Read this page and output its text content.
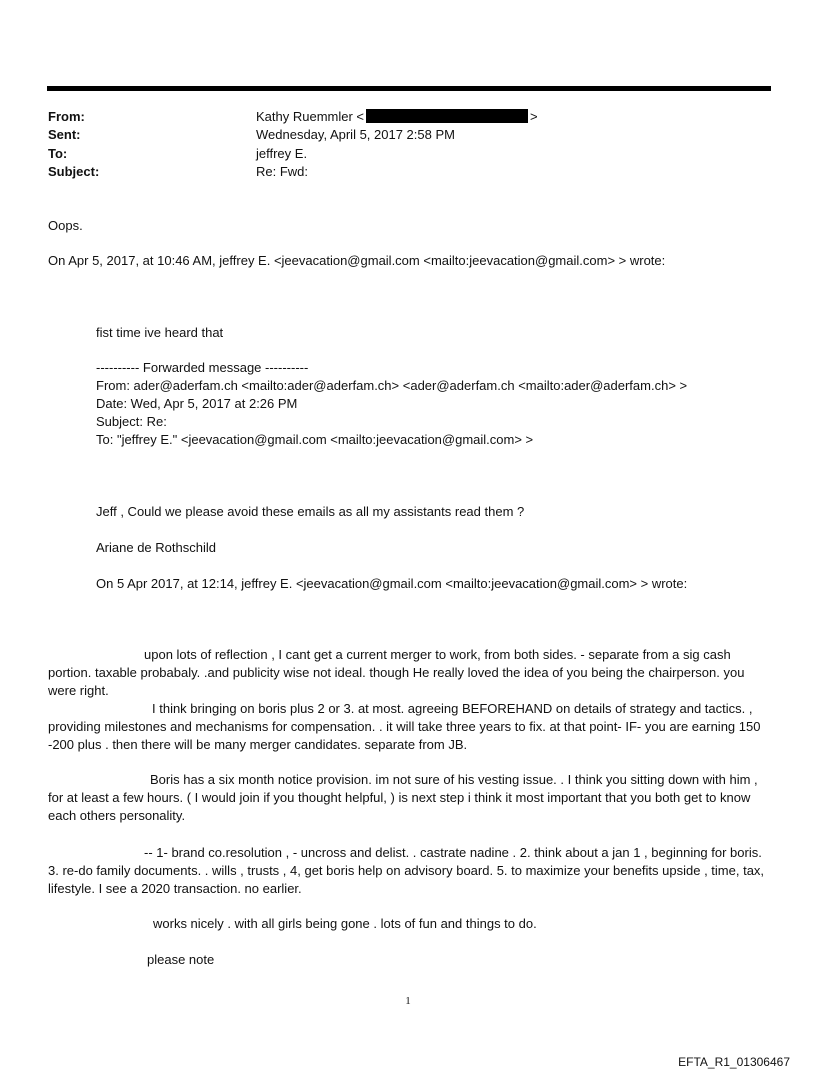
From:	Kathy Ruemmler <	>
Sent:	Wednesday, April 5, 2017 2:58 PM
To:	jeffrey E.
Subject:	Re: Fwd:
Oops.
On Apr 5, 2017, at 10:46 AM, jeffrey E. <jeevacation@gmail.com <mailto:jeevacation@gmail.com> > wrote:
fist time ive heard that
---------- Forwarded message ----------
From: ader@aderfam.ch <mailto:ader@aderfam.ch> <ader@aderfam.ch <mailto:ader@aderfam.ch> >
Date: Wed, Apr 5, 2017 at 2:26 PM
Subject: Re:
To: "jeffrey E." <jeevacation@gmail.com <mailto:jeevacation@gmail.com> >
Jeff , Could we please avoid these emails as all my assistants read them ?
Ariane de Rothschild
On 5 Apr 2017, at 12:14, jeffrey E. <jeevacation@gmail.com <mailto:jeevacation@gmail.com> > wrote:
upon lots of reflection , I cant get a current merger to work, from both sides. - separate from a sig cash portion. taxable probabaly. .and publicity wise not ideal. though He really loved the idea of you being the chairperson. you were right.
I think bringing on boris plus 2 or 3. at most. agreeing BEFOREHAND on details of strategy and tactics. , providing milestones and mechanisms for compensation. . it will take three years to fix. at that point- IF- you are earning 150 -200 plus . then there will be many merger candidates. separate from JB.
Boris has a six month notice provision. im not sure of his vesting issue. . I think you sitting down with him , for at least a few hours. ( I would join if you thought helpful, ) is next step i think it most important that you both get to know each others personality.
-- 1- brand co.resolution , - uncross and delist. . castrate nadine . 2. think about a jan 1 , beginning for boris. 3. re-do family documents. . wills , trusts , 4, get boris help on advisory board. 5. to maximize your benefits upside , time, tax, lifestyle. I see a 2020 transaction. no earlier.
works nicely . with all girls being gone . lots of fun and things to do.
please note
1
EFTA_R1_01306467
